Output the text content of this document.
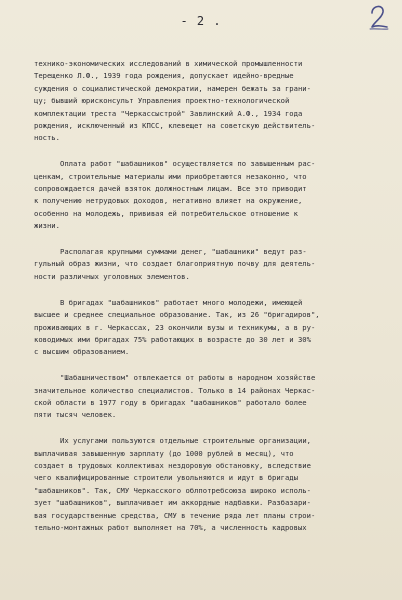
- 2 .
технико-экономических исследований в химической промышленности
Терещенко Л.Ф., 1939 года рождения, допускает идейно-вредные
суждения о социалистической демократии, намерен бежать за грани-
цу; бывший юрисконсульт Управления проектно-технологической
комплектации треста "Черкассыстрой" Завлинский А.Ф., 1934 года
рождения, исключенный из КПСС, клевещет на советскую действитель-
ность.
Оплата работ "шабашников" осуществляется по завышенным рас-
ценкам, строительные материалы ими приобретаются незаконно, что
сопровождается дачей взяток должностным лицам. Все это приводит
к получению нетрудовых доходов, негативно влияет на окружение,
особенно на молодежь, прививая ей потребительское отношение к
жизни.
Располагая крупными суммами денег, "шабашники" ведут раз-
гульный образ жизни, что создает благоприятную почву для деятель-
ности различных уголовных элементов.
В бригадах "шабашников" работает много молодежи, имеющей
высшее и среднее специальное образование. Так, из 26 "бригадиров",
проживающих в г. Черкассах, 23 окончили вузы и техникумы, а в ру-
ководимых ими бригадах 75% работающих в возрасте до 30 лет и 30%
с высшим образованием.
"Шабашничеством" отвлекается от работы в народном хозяйстве
значительное количество специалистов. Только в 14 районах Черкас-
ской области в 1977 году в бригадах "шабашников" работало более
пяти тысяч человек.
Их услугами пользуются отдельные строительные организации,
выплачивая завышенную зарплату (до 1000 рублей в месяц), что
создает в трудовых коллективах нездоровую обстановку, вследствие
чего квалифицированные строители увольняются и идут в бригады
"шабашников". Так, СМУ Черкасского облпотребсоюза широко исполь-
зует "шабашников", выплачивает им аккордные надбавки. Разбазари-
вая государственные средства, СМУ в течение ряда лет планы строи-
тельно-монтажных работ выполняет на 70%, а численность кадровых
